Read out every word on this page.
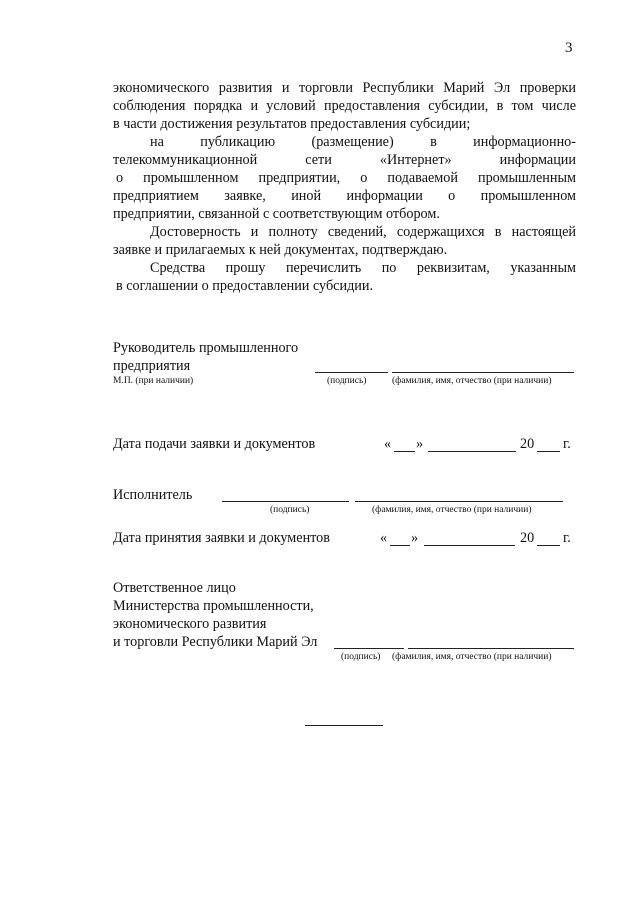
3
экономического развития и торговли Республики Марий Эл проверки
соблюдения порядка и условий предоставления субсидии, в том числе
в части достижения результатов предоставления субсидии;
на публикацию (размещение) в информационно-
телекоммуникационной сети «Интернет» информации
о промышленном предприятии, о подаваемой промышленным
предприятием заявке, иной информации о промышленном
предприятии, связанной с соответствующим отбором.
Достоверность и полноту сведений, содержащихся в настоящей
заявке и прилагаемых к ней документах, подтверждаю.
Средства прошу перечислить по реквизитам, указанным
в соглашении о предоставлении субсидии.
Руководитель промышленного
предприятия
М.П. (при наличии)	(подпись)	(фамилия, имя, отчество (при наличии)
Дата подачи заявки и документов	« »	20 г.
Исполнитель
(подпись)	(фамилия, имя, отчество (при наличии)
Дата принятия заявки и документов	« »	20 г.
Ответственное лицо
Министерства промышленности,
экономического развития
и торговли Республики Марий Эл
(подпись) (фамилия, имя, отчество (при наличии)
